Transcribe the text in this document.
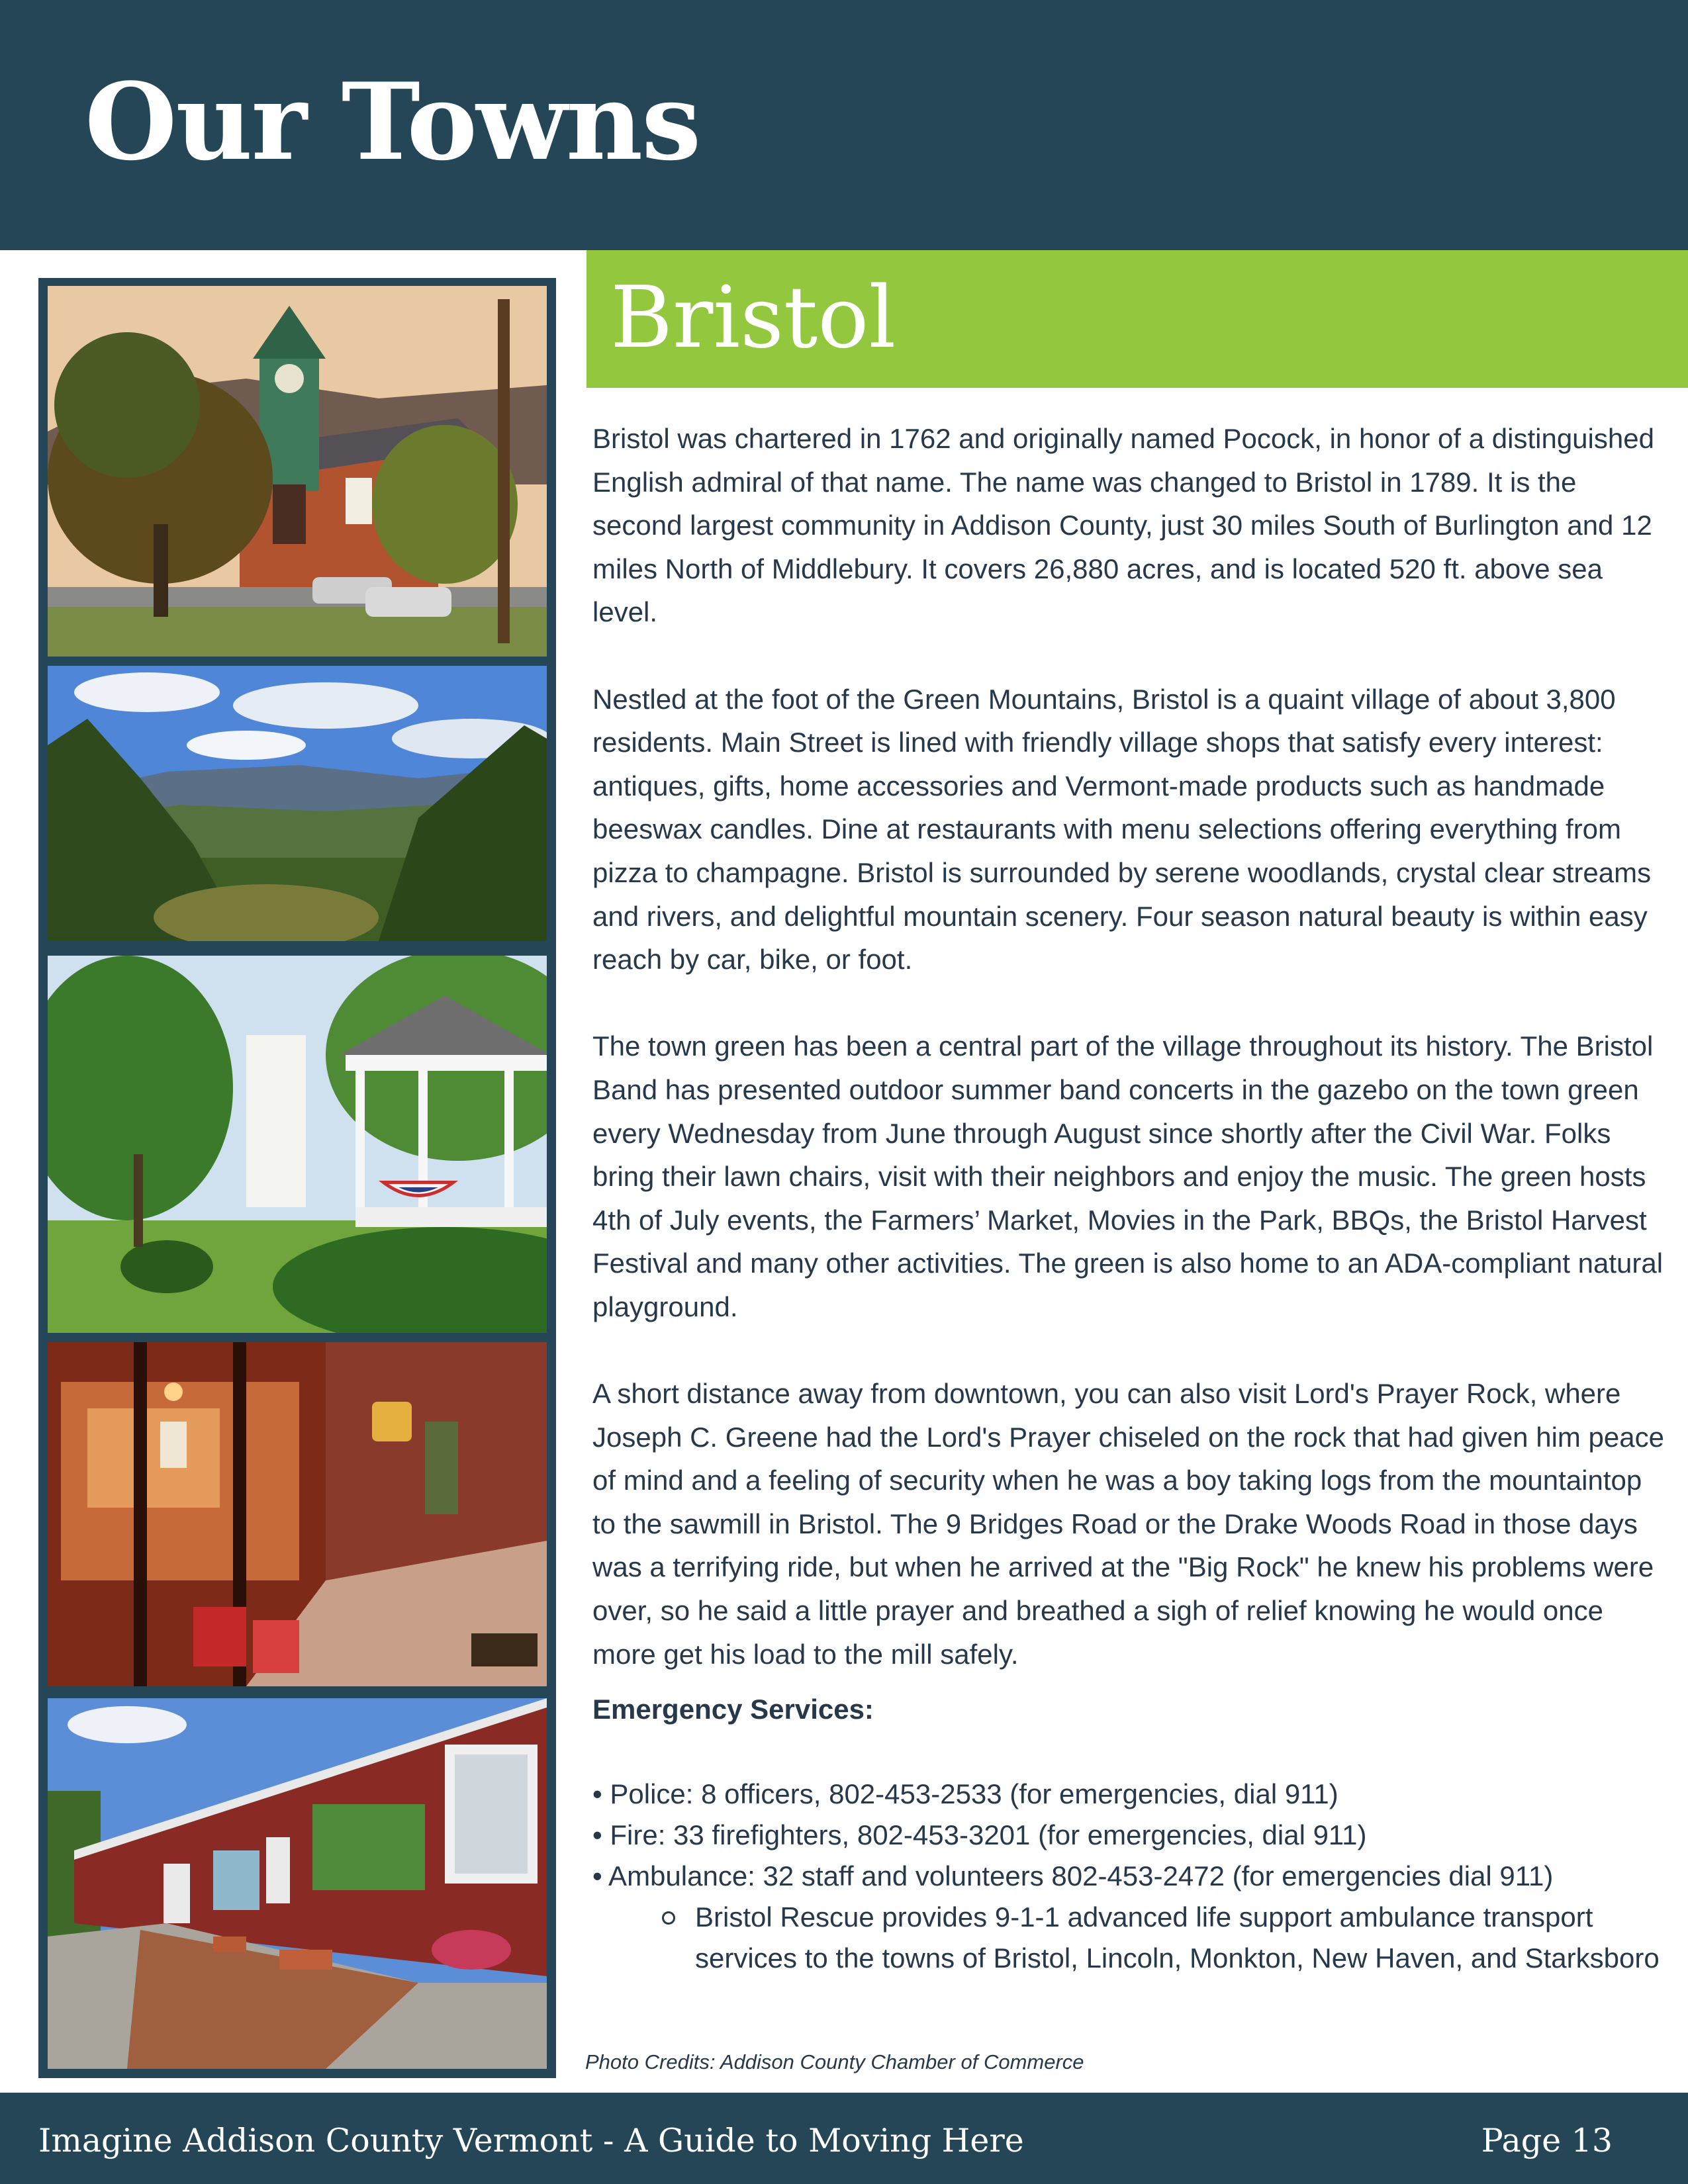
Our Towns
Bristol

Bristol was chartered in 1762 and originally named Pocock, in honor of a distinguished English admiral of that name. The name was changed to Bristol in 1789. It is the second largest community in Addison County, just 30 miles South of Burlington and 12 miles North of Middlebury. It covers 26,880 acres, and is located 520 ft. above sea level.

Nestled at the foot of the Green Mountains, Bristol is a quaint village of about 3,800 residents. Main Street is lined with friendly village shops that satisfy every interest: antiques, gifts, home accessories and Vermont-made products such as handmade beeswax candles. Dine at restaurants with menu selections offering everything from pizza to champagne. Bristol is surrounded by serene woodlands, crystal clear streams and rivers, and delightful mountain scenery. Four season natural beauty is within easy reach by car, bike, or foot.

The town green has been a central part of the village throughout its history. The Bristol Band has presented outdoor summer band concerts in the gazebo on the town green every Wednesday from June through August since shortly after the Civil War. Folks bring their lawn chairs, visit with their neighbors and enjoy the music. The green hosts 4th of July events, the Farmers’ Market, Movies in the Park, BBQs, the Bristol Harvest Festival and many other activities. The green is also home to an ADA-compliant natural playground.

A short distance away from downtown, you can also visit Lord's Prayer Rock, where Joseph C. Greene had the Lord's Prayer chiseled on the rock that had given him peace of mind and a feeling of security when he was a boy taking logs from the mountaintop to the sawmill in Bristol. The 9 Bridges Road or the Drake Woods Road in those days was a terrifying ride, but when he arrived at the "Big Rock" he knew his problems were over, so he said a little prayer and breathed a sigh of relief knowing he would once more get his load to the mill safely.

Emergency Services:

• Police: 8 officers, 802-453-2533 (for emergencies, dial 911)
• Fire: 33 firefighters, 802-453-3201 (for emergencies, dial 911)
• Ambulance: 32 staff and volunteers 802-453-2472 (for emergencies dial 911)
Bristol Rescue provides 9-1-1 advanced life support ambulance transport services to the towns of Bristol, Lincoln, Monkton, New Haven, and Starksboro

Photo Credits: Addison County Chamber of Commerce

Imagine Addison County Vermont - A Guide to Moving Here	Page 13
